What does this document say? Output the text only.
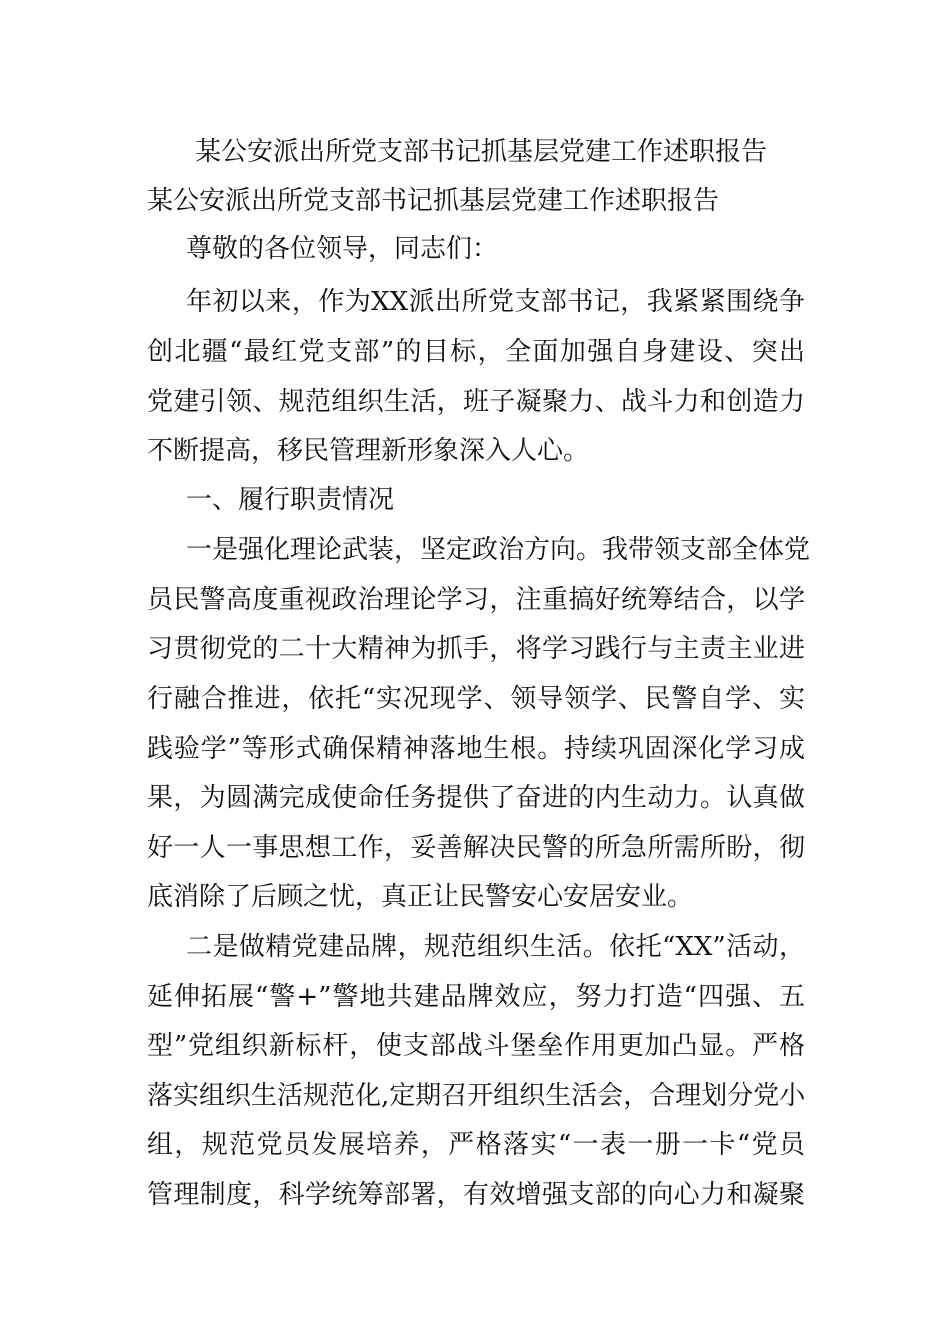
某公安派出所党支部书记抓基层党建工作述职报告
某公安派出所党支部书记抓基层党建工作述职报告
尊敬的各位领导，同志们：
年初以来，作为XX派出所党支部书记，我紧紧围绕争
创北疆“最红党支部”的目标，全面加强自身建设、突出
党建引领、规范组织生活，班子凝聚力、战斗力和创造力
不断提高，移民管理新形象深入人心。
一、履行职责情况
一是强化理论武装，坚定政治方向。我带领支部全体党
员民警高度重视政治理论学习，注重搞好统筹结合，以学
习贯彻党的二十大精神为抓手，将学习践行与主责主业进
行融合推进，依托“实况现学、领导领学、民警自学、实
践验学”等形式确保精神落地生根。持续巩固深化学习成
果，为圆满完成使命任务提供了奋进的内生动力。认真做
好一人一事思想工作，妥善解决民警的所急所需所盼，彻
底消除了后顾之忧，真正让民警安心安居安业。
二是做精党建品牌，规范组织生活。依托“XX”活动，
延伸拓展“警+”警地共建品牌效应，努力打造“四强、五
型”党组织新标杆，使支部战斗堡垒作用更加凸显。严格
落实组织生活规范化,定期召开组织生活会，合理划分党小
组，规范党员发展培养，严格落实“一表一册一卡“党员
管理制度，科学统筹部署，有效增强支部的向心力和凝聚
